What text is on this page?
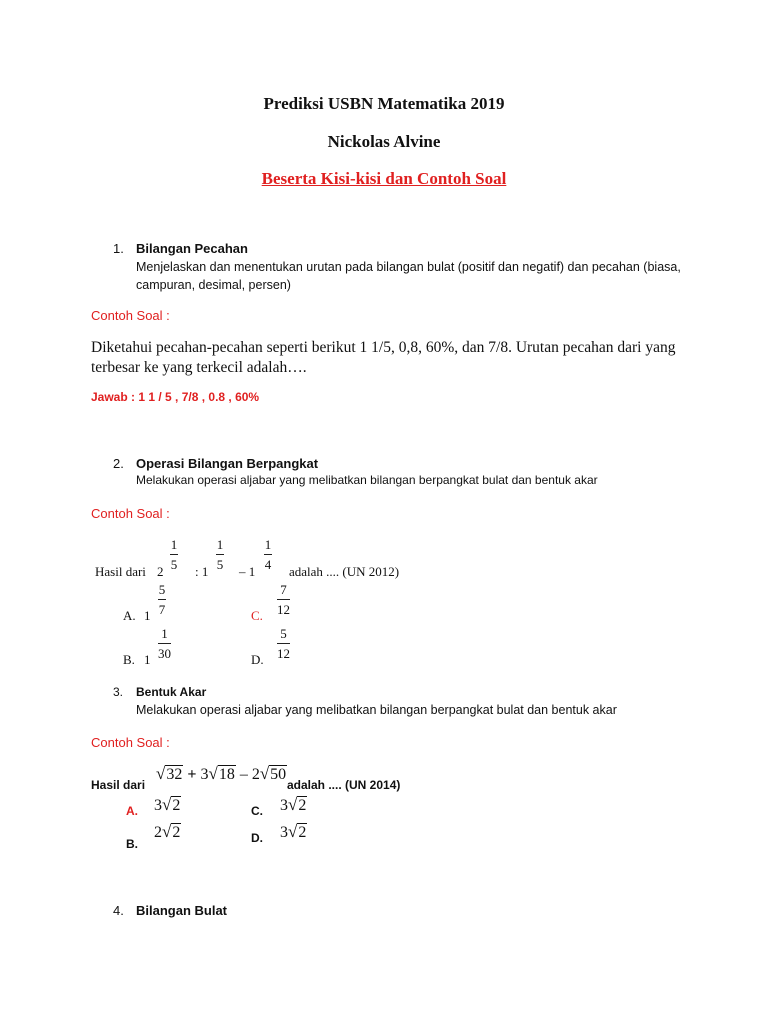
Prediksi USBN Matematika 2019
Nickolas Alvine
Beserta Kisi-kisi dan Contoh Soal
1. Bilangan Pecahan
Menjelaskan dan menentukan urutan pada bilangan bulat (positif dan negatif) dan pecahan (biasa,
campuran, desimal, persen)
Contoh Soal :
Diketahui pecahan-pecahan seperti berikut 1 1/5, 0,8, 60%, dan 7/8. Urutan pecahan dari yang
terbesar ke yang terkecil adalah….
Jawab : 1 1 / 5 , 7/8 , 0.8 , 60%
2. Operasi Bilangan Berpangkat
Melakukan operasi aljabar yang melibatkan bilangan berpangkat bulat dan bentuk akar
Contoh Soal :
Hasil dari 2
1
5 : 1
1
5 – 1
1
4 adalah .... (UN 2012)
A. 1
5
7
B. 1
1
30
C.
7
12
D.
5
12
3. Bentuk Akar
Melakukan operasi aljabar yang melibatkan bilangan berpangkat bulat dan bentuk akar
Contoh Soal :
Hasil dari
√32 + 3√18 – 2√50
adalah .... (UN 2014)
A. 3√2
B.
2√2
C. 3√2
D. 3√2
4. Bilangan Bulat
